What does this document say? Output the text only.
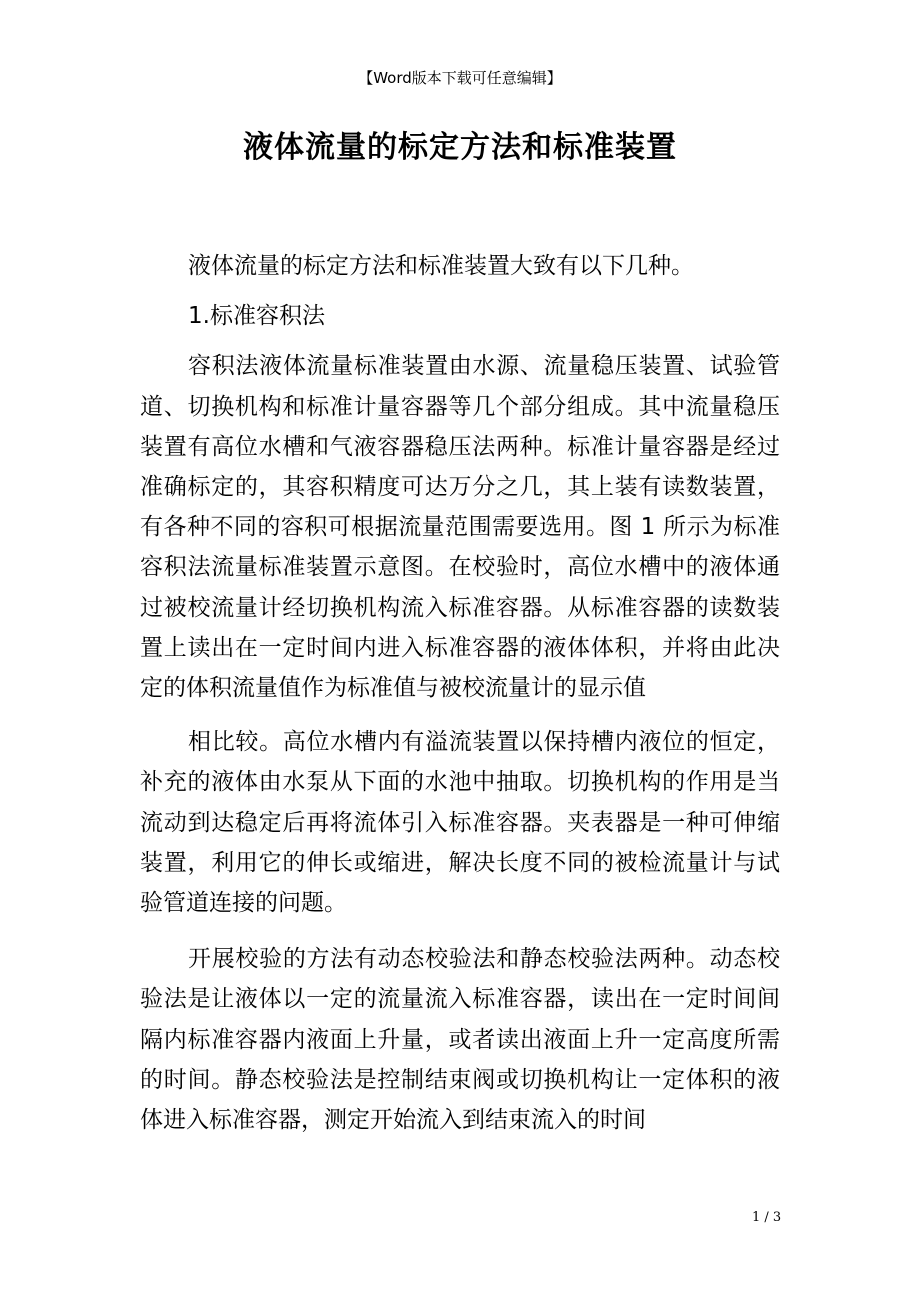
【Word版本下载可任意编辑】
液体流量的标定方法和标准装置

液体流量的标定方法和标准装置大致有以下几种。

1.标准容积法

容积法液体流量标准装置由水源、流量稳压装置、试验管道、切换机构和标准计量容器等几个部分组成。其中流量稳压装置有高位水槽和气液容器稳压法两种。标准计量容器是经过准确标定的，其容积精度可达万分之几，其上装有读数装置，有各种不同的容积可根据流量范围需要选用。图 1 所示为标准容积法流量标准装置示意图。在校验时，高位水槽中的液体通过被校流量计经切换机构流入标准容器。从标准容器的读数装置上读出在一定时间内进入标准容器的液体体积，并将由此决定的体积流量值作为标准值与被校流量计的显示值

相比较。高位水槽内有溢流装置以保持槽内液位的恒定，补充的液体由水泵从下面的水池中抽取。切换机构的作用是当流动到达稳定后再将流体引入标准容器。夹表器是一种可伸缩装置，利用它的伸长或缩进，解决长度不同的被检流量计与试验管道连接的问题。

开展校验的方法有动态校验法和静态校验法两种。动态校验法是让液体以一定的流量流入标准容器，读出在一定时间间隔内标准容器内液面上升量，或者读出液面上升一定高度所需的时间。静态校验法是控制结束阀或切换机构让一定体积的液体进入标准容器，测定开始流入到结束流入的时间

1 / 3
